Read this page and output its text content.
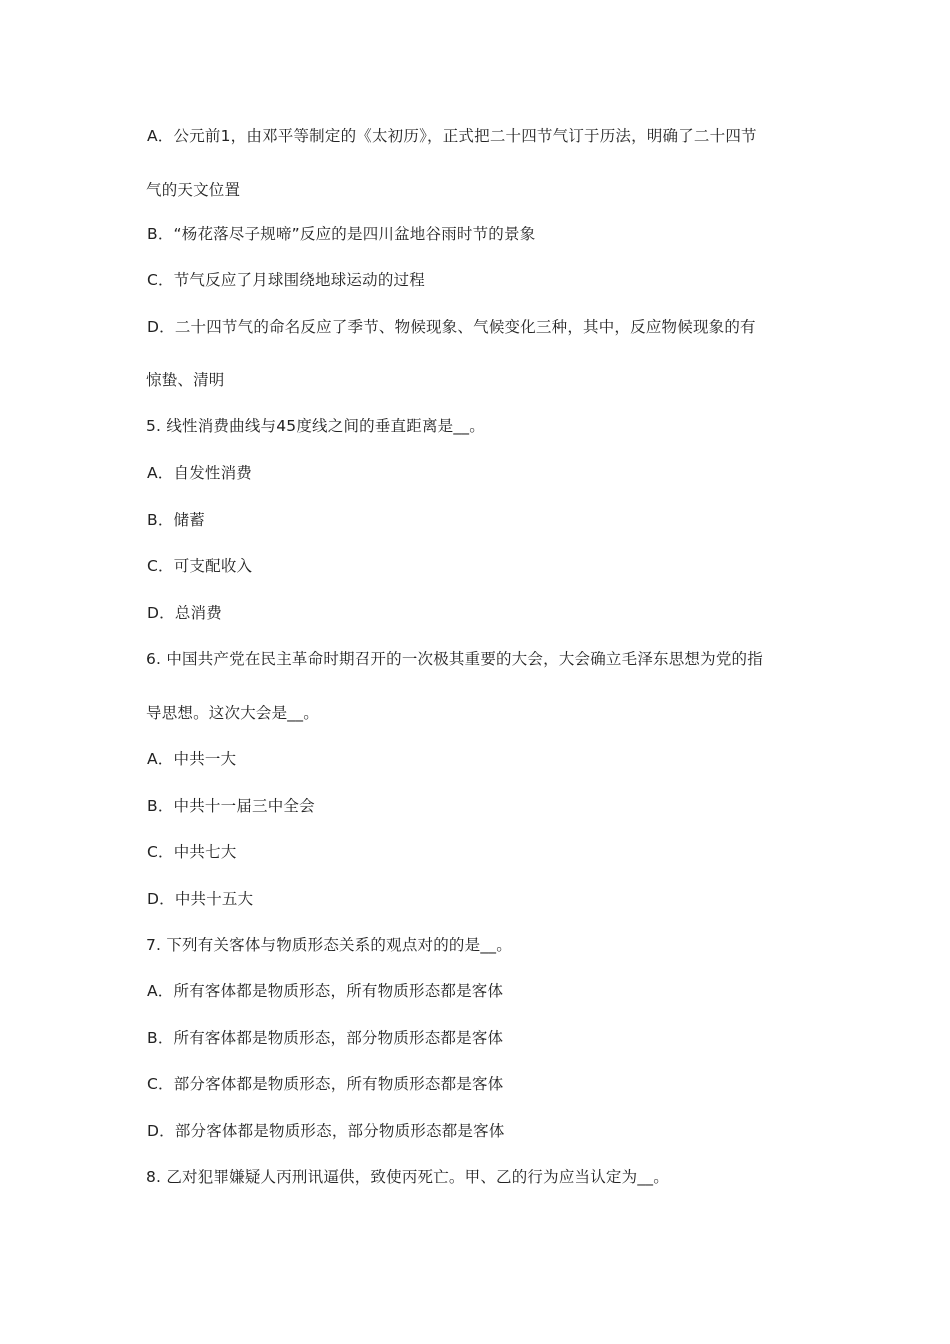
A．公元前1，由邓平等制定的《太初历》，正式把二十四节气订于历法，明确了二十四节
气的天文位置
B．“杨花落尽子规啼”反应的是四川盆地谷雨时节的景象
C．节气反应了月球围绕地球运动的过程
D．二十四节气的命名反应了季节、物候现象、气候变化三种，其中，反应物候现象的有
惊蛰、清明
5. 线性消费曲线与45度线之间的垂直距离是__。
A．自发性消费
B．储蓄
C．可支配收入
D．总消费
6. 中国共产党在民主革命时期召开的一次极其重要的大会，大会确立毛泽东思想为党的指
导思想。这次大会是__。
A．中共一大
B．中共十一届三中全会
C．中共七大
D．中共十五大
7. 下列有关客体与物质形态关系的观点对的的是__。
A．所有客体都是物质形态，所有物质形态都是客体
B．所有客体都是物质形态，部分物质形态都是客体
C．部分客体都是物质形态，所有物质形态都是客体
D．部分客体都是物质形态，部分物质形态都是客体
8. 乙对犯罪嫌疑人丙刑讯逼供，致使丙死亡。甲、乙的行为应当认定为__。
